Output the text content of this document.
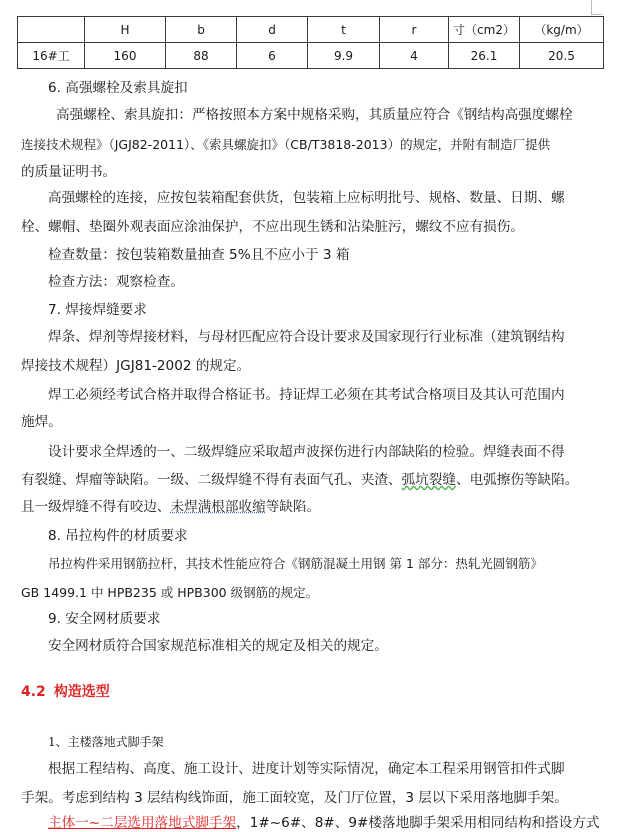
	H	b	d	t	r	寸（cm2）	（kg/m）
16#工	160	88	6	9.9	4	26.1	20.5
6. 高强螺栓及索具旋扣
高强螺栓、索具旋扣：严格按照本方案中规格采购，其质量应符合《钢结构高强度螺栓
连接技术规程》（JGJ82-2011）、《索具螺旋扣》（CB/T3818-2013）的规定，并附有制造厂提供
的质量证明书。
高强螺栓的连接，应按包装箱配套供货，包装箱上应标明批号、规格、数量、日期、螺
栓、螺帽、垫圈外观表面应涂油保护，不应出现生锈和沾染脏污，螺纹不应有损伤。
检查数量：按包装箱数量抽查 5%且不应小于 3 箱
检查方法：观察检查。
7. 焊接焊缝要求
焊条、焊剂等焊接材料，与母材匹配应符合设计要求及国家现行行业标准（建筑钢结构
焊接技术规程）JGJ81-2002 的规定。
焊工必须经考试合格并取得合格证书。持证焊工必须在其考试合格项目及其认可范围内
施焊。
设计要求全焊透的一、二级焊缝应采取超声波探伤进行内部缺陷的检验。焊缝表面不得
有裂缝、焊瘤等缺陷。一级、二级焊缝不得有表面气孔、夹渣、弧坑裂缝、电弧擦伤等缺陷。
且一级焊缝不得有咬边、未焊满根部收缩等缺陷。
8. 吊拉构件的材质要求
吊拉构件采用钢筋拉杆，其技术性能应符合《钢筋混凝土用钢 第 1 部分：热轧光圆钢筋》
GB 1499.1 中 HPB235 或 HPB300 级钢筋的规定。
9. 安全网材质要求
安全网材质符合国家规范标准相关的规定及相关的规定。
4.2 构造选型
1、主楼落地式脚手架
根据工程结构、高度、施工设计、进度计划等实际情况，确定本工程采用钢管扣件式脚
手架。考虑到结构 3 层结构线饰面，施工面较宽，及门厅位置，3 层以下采用落地脚手架。
主体一~二层选用落地式脚手架，1#~6#、8#、9#楼落地脚手架采用相同结构和搭设方式
